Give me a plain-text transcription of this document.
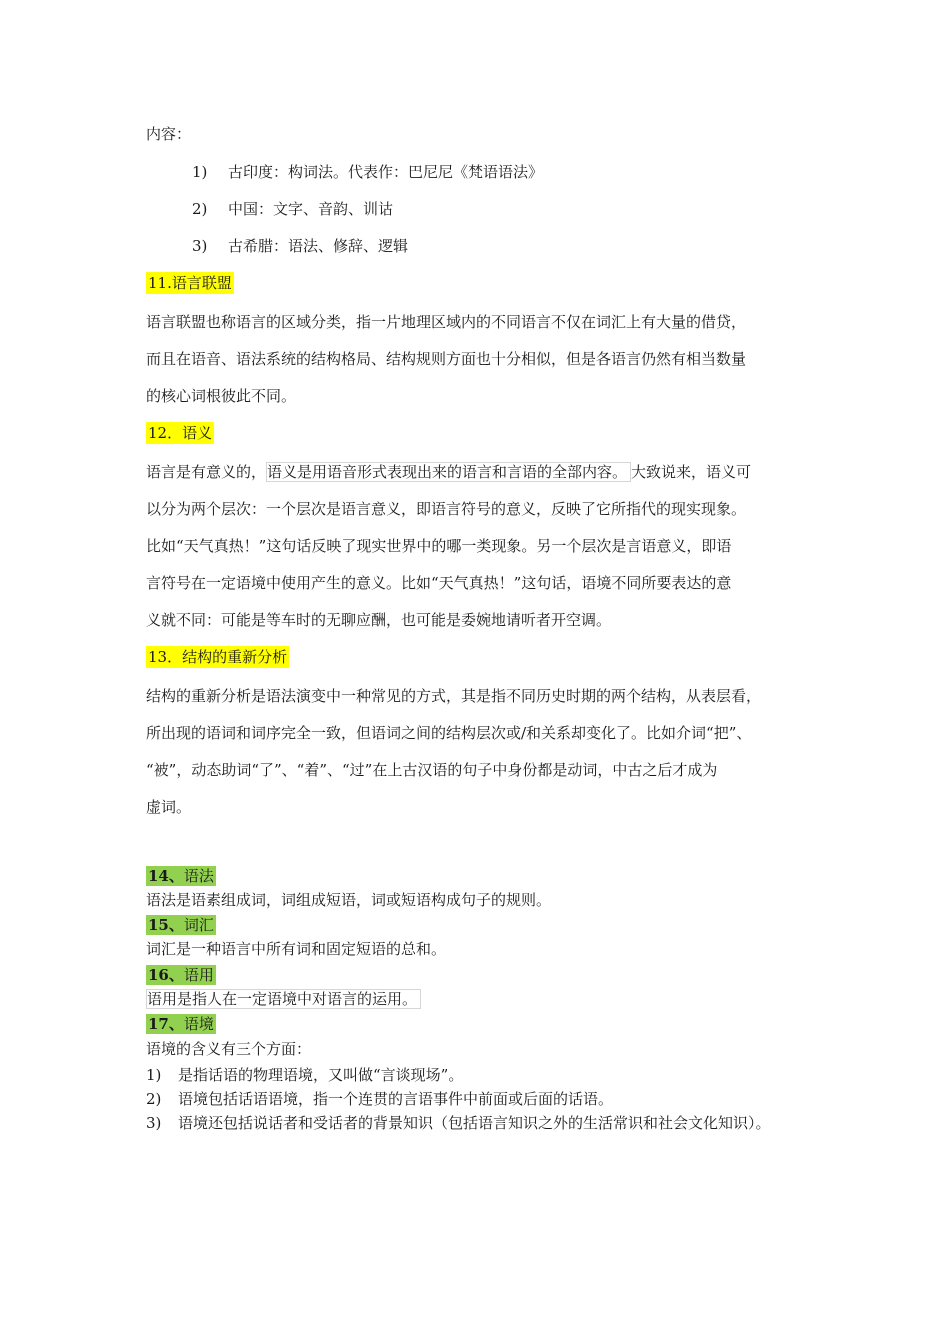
内容：
1) 古印度：构词法。代表作：巴尼尼《梵语语法》
2) 中国：文字、音韵、训诂
3) 古希腊：语法、修辞、逻辑
11.语言联盟
语言联盟也称语言的区域分类，指一片地理区域内的不同语言不仅在词汇上有大量的借贷，
而且在语音、语法系统的结构格局、结构规则方面也十分相似，但是各语言仍然有相当数量
的核心词根彼此不同。
12．语义
语言是有意义的，语义是用语音形式表现出来的语言和言语的全部内容。 大致说来，语义可
以分为两个层次：一个层次是语言意义，即语言符号的意义，反映了它所指代的现实现象。
比如“天气真热！”这句话反映了现实世界中的哪一类现象。另一个层次是言语意义，即语
言符号在一定语境中使用产生的意义。比如“天气真热！”这句话，语境不同所要表达的意
义就不同：可能是等车时的无聊应酬，也可能是委婉地请听者开空调。
13．结构的重新分析
结构的重新分析是语法演变中一种常见的方式，其是指不同历史时期的两个结构，从表层看，
所出现的语词和词序完全一致，但语词之间的结构层次或/和关系却变化了。比如介词“把”、
“被”，动态助词“了”、“着”、“过”在上古汉语的句子中身份都是动词，中古之后才成为
虚词。
14、语法
语法是语素组成词，词组成短语，词或短语构成句子的规则。
15、词汇
词汇是一种语言中所有词和固定短语的总和。
16、语用
语用是指人在一定语境中对语言的运用。
17、语境
语境的含义有三个方面：
1) 是指话语的物理语境，又叫做“言谈现场”。
2) 语境包括话语语境，指一个连贯的言语事件中前面或后面的话语。
3) 语境还包括说话者和受话者的背景知识（包括语言知识之外的生活常识和社会文化知识）。
